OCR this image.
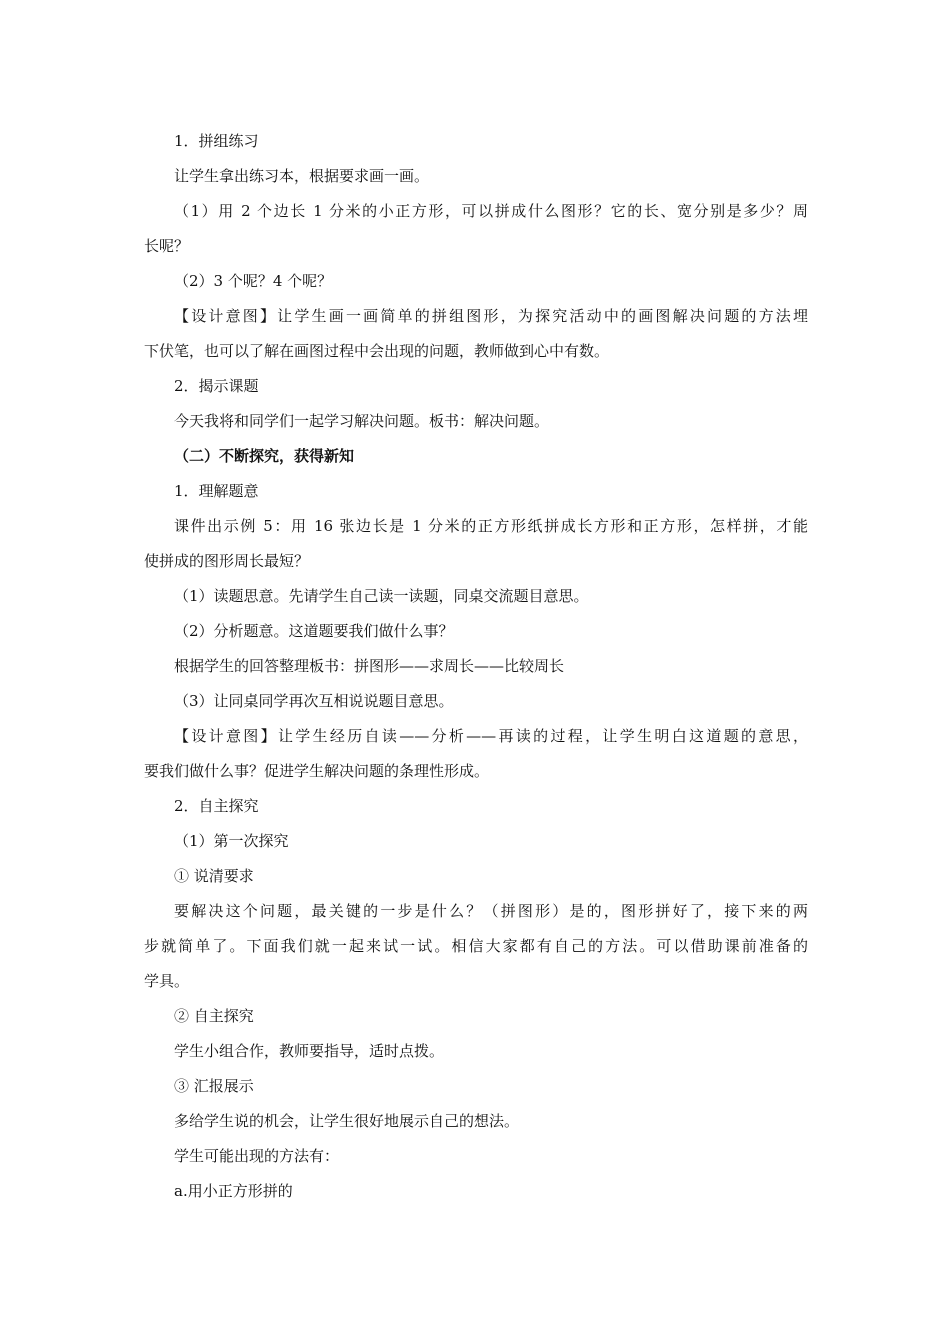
1．拼组练习

让学生拿出练习本，根据要求画一画。

（1）用 2 个边长 1 分米的小正方形，可以拼成什么图形？它的长、宽分别是多少？周

长呢？

（2）3 个呢？4 个呢？

【设计意图】让学生画一画简单的拼组图形，为探究活动中的画图解决问题的方法埋

下伏笔，也可以了解在画图过程中会出现的问题，教师做到心中有数。

2．揭示课题

今天我将和同学们一起学习解决问题。板书：解决问题。

（二）不断探究，获得新知

1．理解题意

课件出示例 5：用 16 张边长是 1 分米的正方形纸拼成长方形和正方形，怎样拼，才能

使拼成的图形周长最短？

（1）读题思意。先请学生自己读一读题，同桌交流题目意思。

（2）分析题意。这道题要我们做什么事？

根据学生的回答整理板书：拼图形——求周长——比较周长

（3）让同桌同学再次互相说说题目意思。

【设计意图】让学生经历自读——分析——再读的过程，让学生明白这道题的意思，

要我们做什么事？促进学生解决问题的条理性形成。

2．自主探究

（1）第一次探究

① 说清要求

要解决这个问题，最关键的一步是什么？（拼图形）是的，图形拼好了，接下来的两

步就简单了。下面我们就一起来试一试。相信大家都有自己的方法。可以借助课前准备的

学具。

② 自主探究

学生小组合作，教师要指导，适时点拨。

③ 汇报展示

多给学生说的机会，让学生很好地展示自己的想法。

学生可能出现的方法有：

a.用小正方形拼的
